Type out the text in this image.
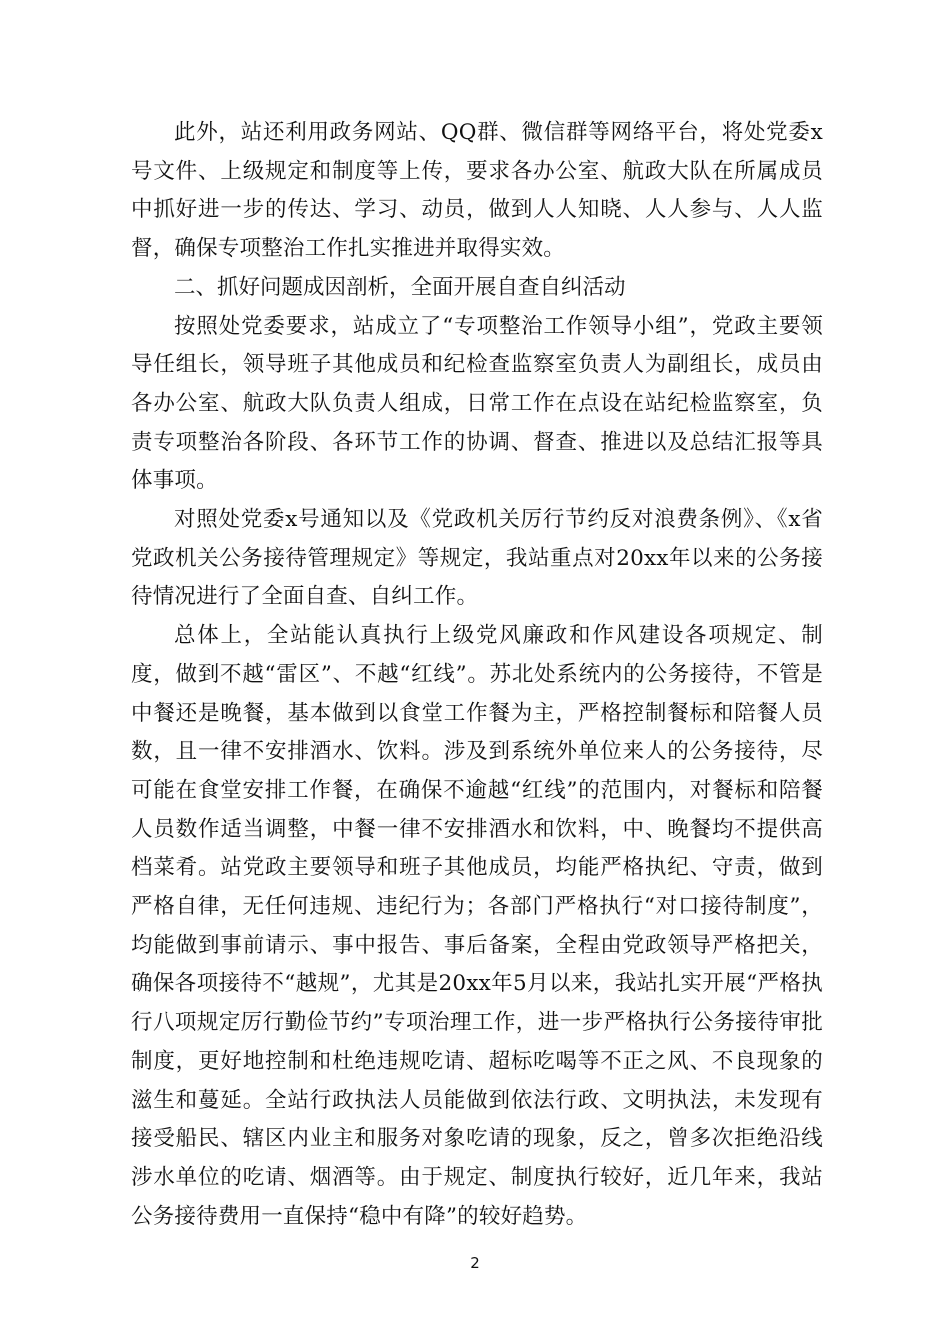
此外，站还利用政务网站、QQ群、微信群等网络平台，将处党委x号文件、上级规定和制度等上传，要求各办公室、航政大队在所属成员中抓好进一步的传达、学习、动员，做到人人知晓、人人参与、人人监督，确保专项整治工作扎实推进并取得实效。

二、抓好问题成因剖析，全面开展自查自纠活动

按照处党委要求，站成立了“专项整治工作领导小组”，党政主要领导任组长，领导班子其他成员和纪检查监察室负责人为副组长，成员由各办公室、航政大队负责人组成，日常工作在点设在站纪检监察室，负责专项整治各阶段、各环节工作的协调、督查、推进以及总结汇报等具体事项。

对照处党委x号通知以及《党政机关厉行节约反对浪费条例》、《x省党政机关公务接待管理规定》等规定，我站重点对20xx年以来的公务接待情况进行了全面自查、自纠工作。

总体上，全站能认真执行上级党风廉政和作风建设各项规定、制度，做到不越“雷区”、不越“红线”。苏北处系统内的公务接待，不管是中餐还是晚餐，基本做到以食堂工作餐为主，严格控制餐标和陪餐人员数，且一律不安排酒水、饮料。涉及到系统外单位来人的公务接待，尽可能在食堂安排工作餐，在确保不逾越“红线”的范围内，对餐标和陪餐人员数作适当调整，中餐一律不安排酒水和饮料，中、晚餐均不提供高档菜肴。站党政主要领导和班子其他成员，均能严格执纪、守责，做到严格自律，无任何违规、违纪行为；各部门严格执行“对口接待制度”，均能做到事前请示、事中报告、事后备案，全程由党政领导严格把关，确保各项接待不“越规”，尤其是20xx年5月以来，我站扎实开展“严格执行八项规定厉行勤俭节约”专项治理工作，进一步严格执行公务接待审批制度，更好地控制和杜绝违规吃请、超标吃喝等不正之风、不良现象的滋生和蔓延。全站行政执法人员能做到依法行政、文明执法，未发现有接受船民、辖区内业主和服务对象吃请的现象，反之，曾多次拒绝沿线涉水单位的吃请、烟酒等。由于规定、制度执行较好，近几年来，我站公务接待费用一直保持“稳中有降”的较好趋势。

2
